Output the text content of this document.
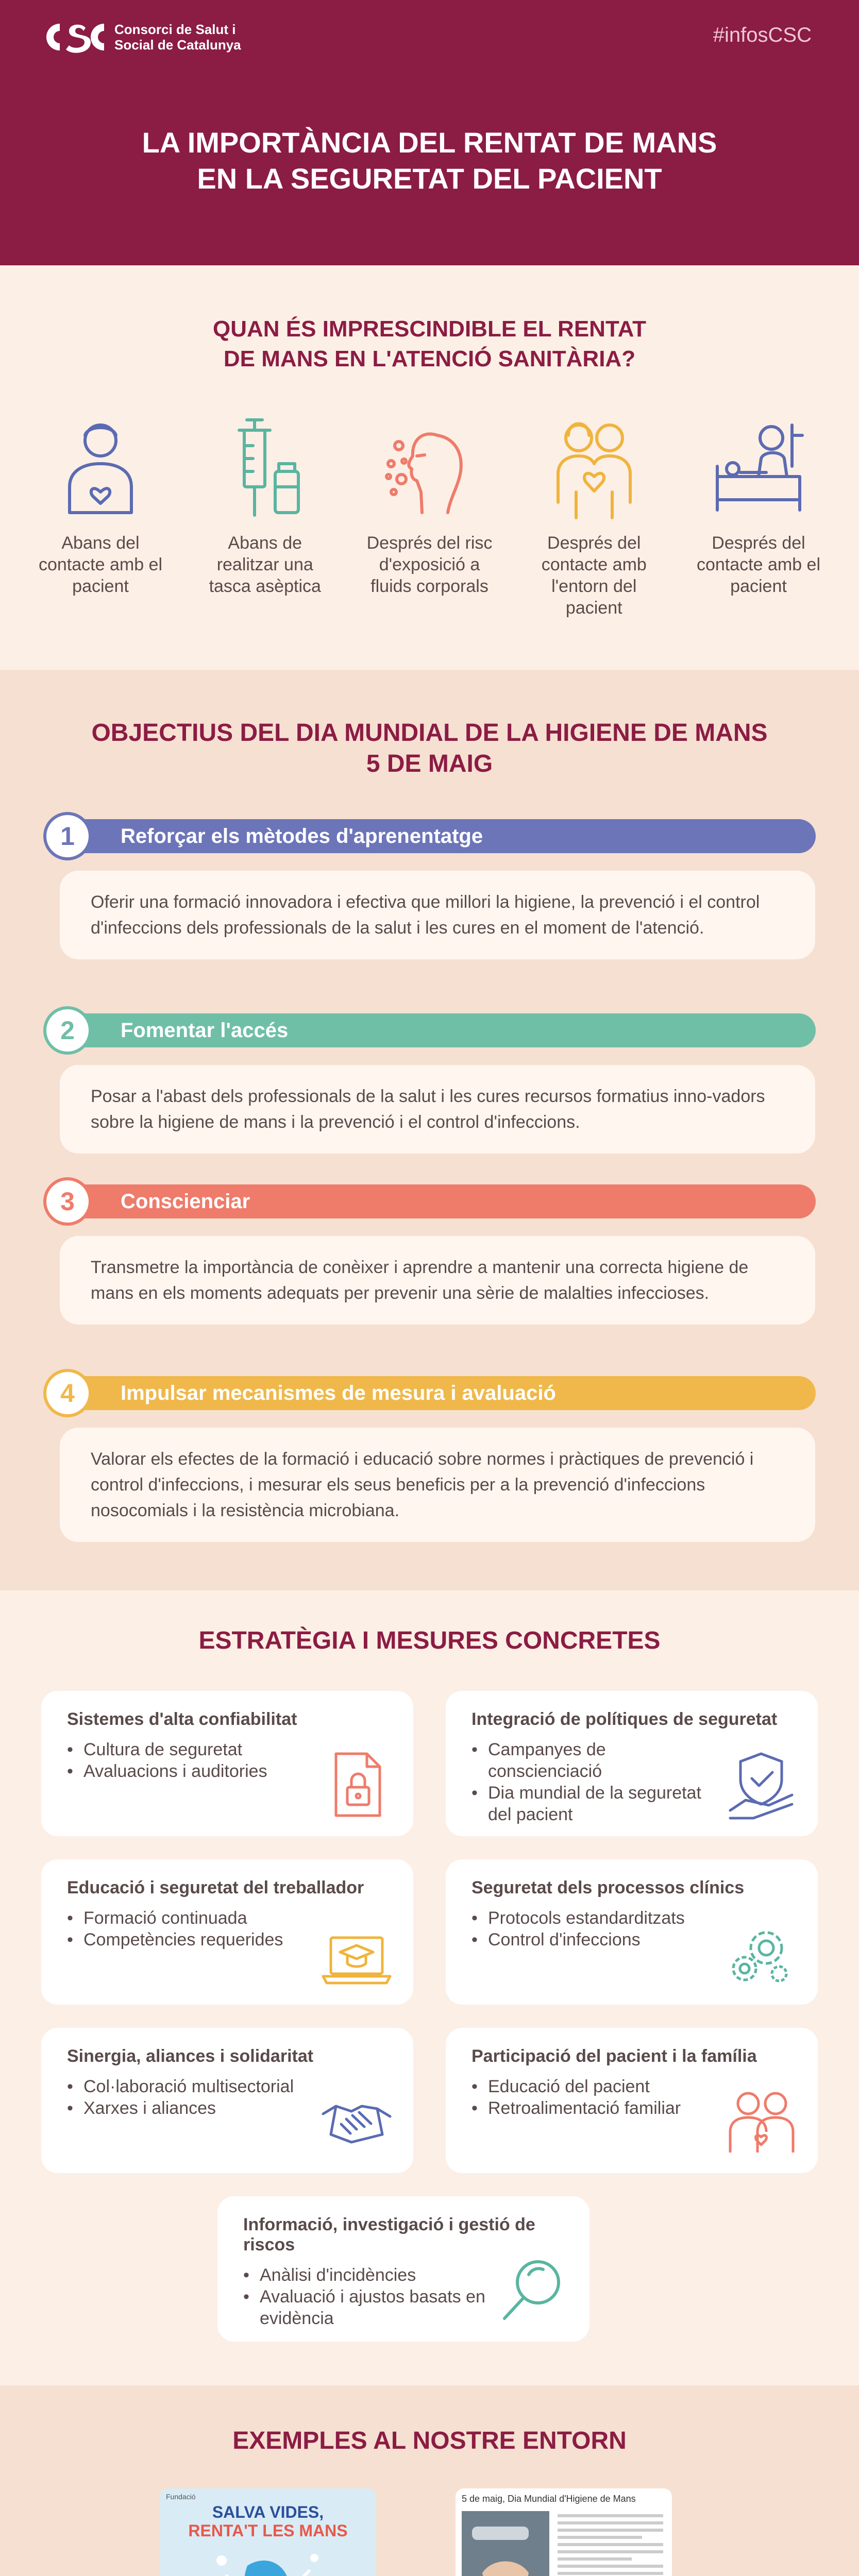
Consorci de Salut i
Social de Catalunya	#infosCSC
LA IMPORTÀNCIA DEL RENTAT DE MANS
EN LA SEGURETAT DEL PACIENT
QUAN ÉS IMPRESCINDIBLE EL RENTAT
DE MANS EN L'ATENCIÓ SANITÀRIA?
Abans del contacte amb el pacient
Abans de realitzar una tasca asèptica
Després del risc d'exposició a fluids corporals
Després del contacte amb l'entorn del pacient
Després del contacte amb el pacient
OBJECTIUS DEL DIA MUNDIAL DE LA HIGIENE DE MANS
5 DE MAIG
1	Reforçar els mètodes d'aprenentatge
Oferir una formació innovadora i efectiva que millori la higiene, la prevenció i el control d'infeccions dels professionals de la salut i les cures en el moment de l'atenció.
2	Fomentar l'accés
Posar a l'abast dels professionals de la salut i les cures recursos formatius inno-vadors sobre la higiene de mans i la prevenció i el control d'infeccions.
3	Conscienciar
Transmetre la importància de conèixer i aprendre a mantenir una correcta higiene de mans en els moments adequats per prevenir una sèrie de malalties infeccioses.
4	Impulsar mecanismes de mesura i avaluació
Valorar els efectes de la formació i educació sobre normes i pràctiques de prevenció i control d'infeccions, i mesurar els seus beneficis per a la prevenció d'infeccions nosocomials i la resistència microbiana.
ESTRATÈGIA I MESURES CONCRETES
Sistemes d'alta confiabilitat
• Cultura de seguretat
• Avaluacions i auditories
Integració de polítiques de seguretat
• Campanyes de conscienciació
• Dia mundial de la seguretat del pacient
Educació i seguretat del treballador
• Formació continuada
• Competències requerides
Seguretat dels processos clínics
• Protocols estandarditzats
• Control d'infeccions
Sinergia, aliances i solidaritat
• Col·laboració multisectorial
• Xarxes i aliances
Participació del pacient i la família
• Educació del pacient
• Retroalimentació familiar
Informació, investigació i gestió de riscos
• Anàlisi d'incidències
• Avaluació i ajustos basats en evidència
EXEMPLES AL NOSTRE ENTORN
Fundació
SALVA VIDES,
RENTA'T LES MANS
5 de maig, Dia Mundial d'Higiene de Mans
